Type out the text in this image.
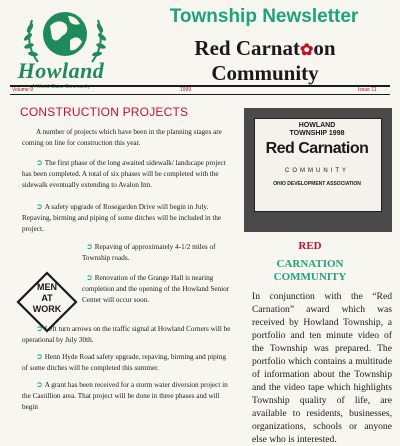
Howland
A World Class Community
Township Newsletter
Red Carnat✿on
Community
Volume 9	1999	Issue 11
CONSTRUCTION PROJECTS
A number of projects which have been in the planning stages are coming on line for construction this year.
➲ The first phase of the long awaited sidewalk/ landscape project has been completed. A total of six phases will be completed with the sidewalk eventually extending to Avalon Inn.
➲ A safety upgrade of Rosegarden Drive will begin in July. Repaving, birming and piping of some ditches will be included in the project.
➲ Repaving of approximately 4-1/2 miles of Township roads.
➲ Renovation of the Grange Hall is nearing completion and the opening of the Howland Senior Center will occur soon.
MEN
AT
WORK
➲ Left turn arrows on the traffic signal at Howland Corners will be operational by July 30th.
➲ Henn Hyde Road safety upgrade, repaving, birming and piping of some ditches will be completed this summer.
➲ A grant has been received for a storm water diversion project in the Castillion area. That project will be done in three phases and will begin
HOWLAND
TOWNSHIP 1998
Red Carnation
COMMUNITY
OHIO DEVELOPMENT ASSOCIATION
RED
CARNATION COMMUNITY
In conjunction with the “Red Carnation” award which was received by Howland Township, a portfolio and ten minute video of the Township was prepared. The portfolio which contains a multitude of information about the Township and the video tape which highlights Township quality of life, are available to residents, businesses, organizations, schools or anyone else who is interested.
